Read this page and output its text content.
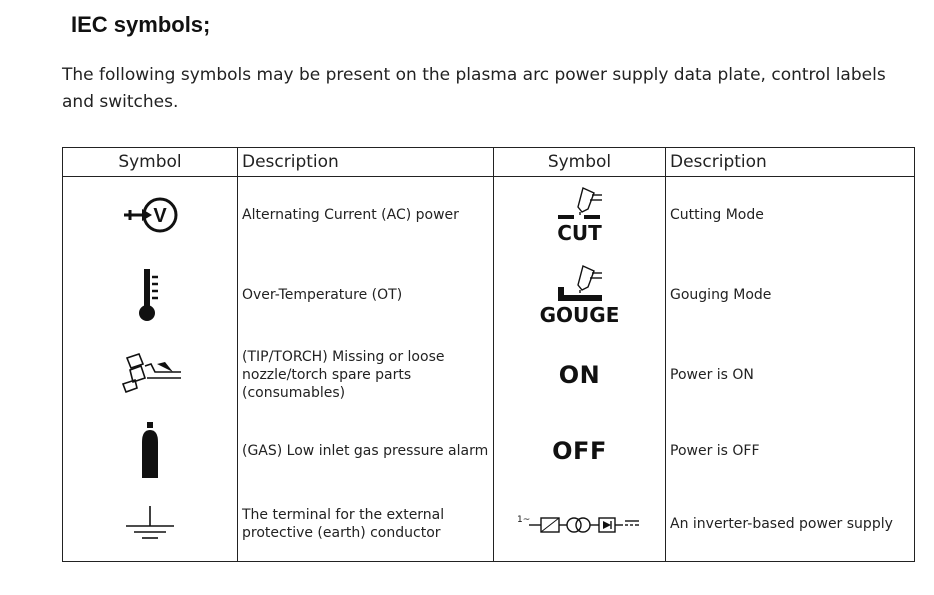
IEC symbols;
The following symbols may be present on the plasma arc power supply data plate, control labels and switches.
Symbol	Description	Symbol	Description

V	Alternating Current (AC) power	CUT	Cutting Mode
	Over-Temperature (OT)	GOUGE	Gouging Mode
	(TIP/TORCH) Missing or loose nozzle/torch spare parts (consumables)	ON	Power is ON
	(GAS) Low inlet gas pressure alarm	OFF	Power is OFF
	The terminal for the external protective (earth) conductor	1~	An inverter-based power supply
